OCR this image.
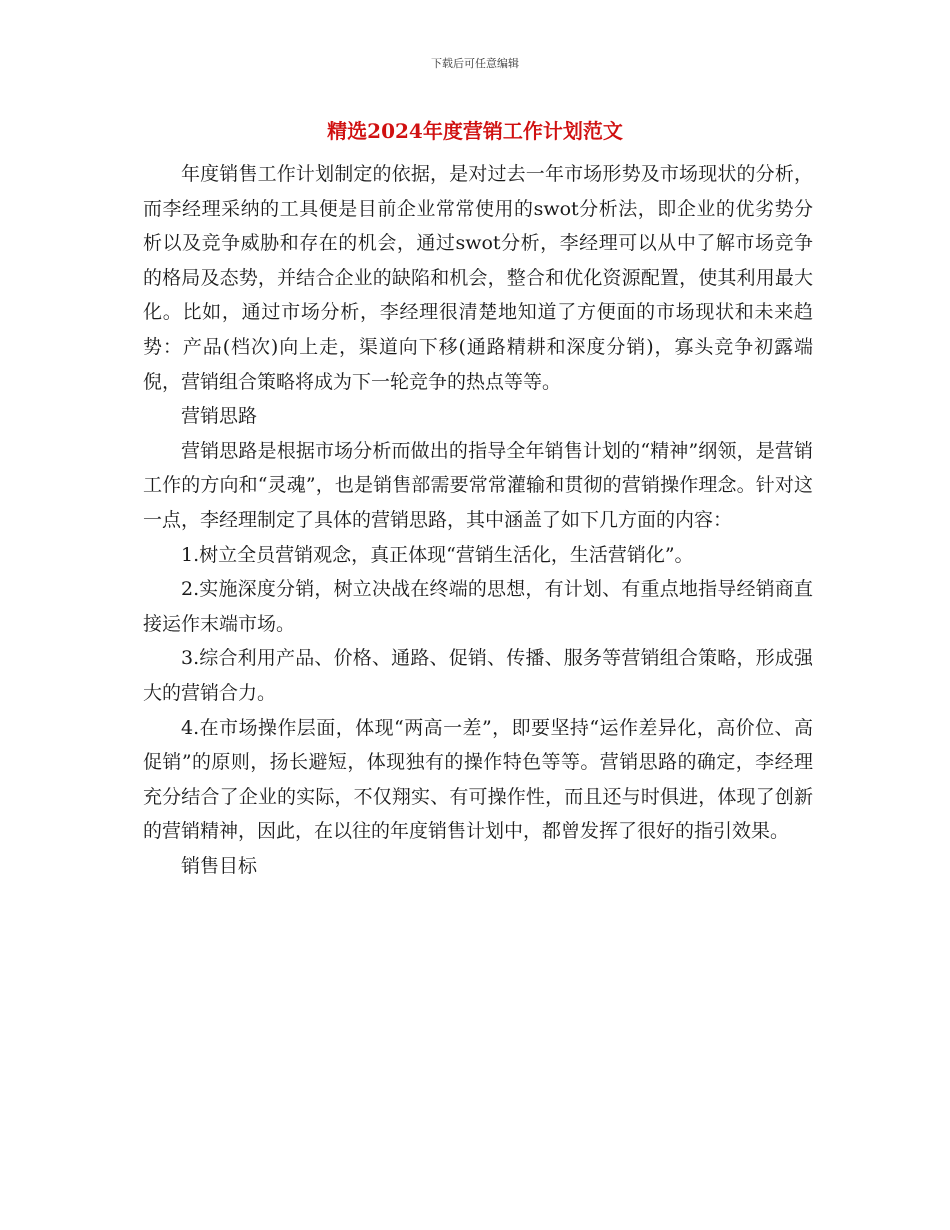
下载后可任意编辑
精选2024年度营销工作计划范文

年度销售工作计划制定的依据，是对过去一年市场形势及市场现状的分析，而李经理采纳的工具便是目前企业常常使用的swot分析法，即企业的优劣势分析以及竞争威胁和存在的机会，通过swot分析，李经理可以从中了解市场竞争的格局及态势，并结合企业的缺陷和机会，整合和优化资源配置，使其利用最大化。比如，通过市场分析，李经理很清楚地知道了方便面的市场现状和未来趋势：产品(档次)向上走，渠道向下移(通路精耕和深度分销)，寡头竞争初露端倪，营销组合策略将成为下一轮竞争的热点等等。

营销思路

营销思路是根据市场分析而做出的指导全年销售计划的“精神”纲领，是营销工作的方向和“灵魂”，也是销售部需要常常灌输和贯彻的营销操作理念。针对这一点，李经理制定了具体的营销思路，其中涵盖了如下几方面的内容：

1.树立全员营销观念，真正体现“营销生活化，生活营销化”。

2.实施深度分销，树立决战在终端的思想，有计划、有重点地指导经销商直接运作末端市场。

3.综合利用产品、价格、通路、促销、传播、服务等营销组合策略，形成强大的营销合力。

4.在市场操作层面，体现“两高一差”，即要坚持“运作差异化，高价位、高促销”的原则，扬长避短，体现独有的操作特色等等。营销思路的确定，李经理充分结合了企业的实际，不仅翔实、有可操作性，而且还与时俱进，体现了创新的营销精神，因此，在以往的年度销售计划中，都曾发挥了很好的指引效果。

销售目标
